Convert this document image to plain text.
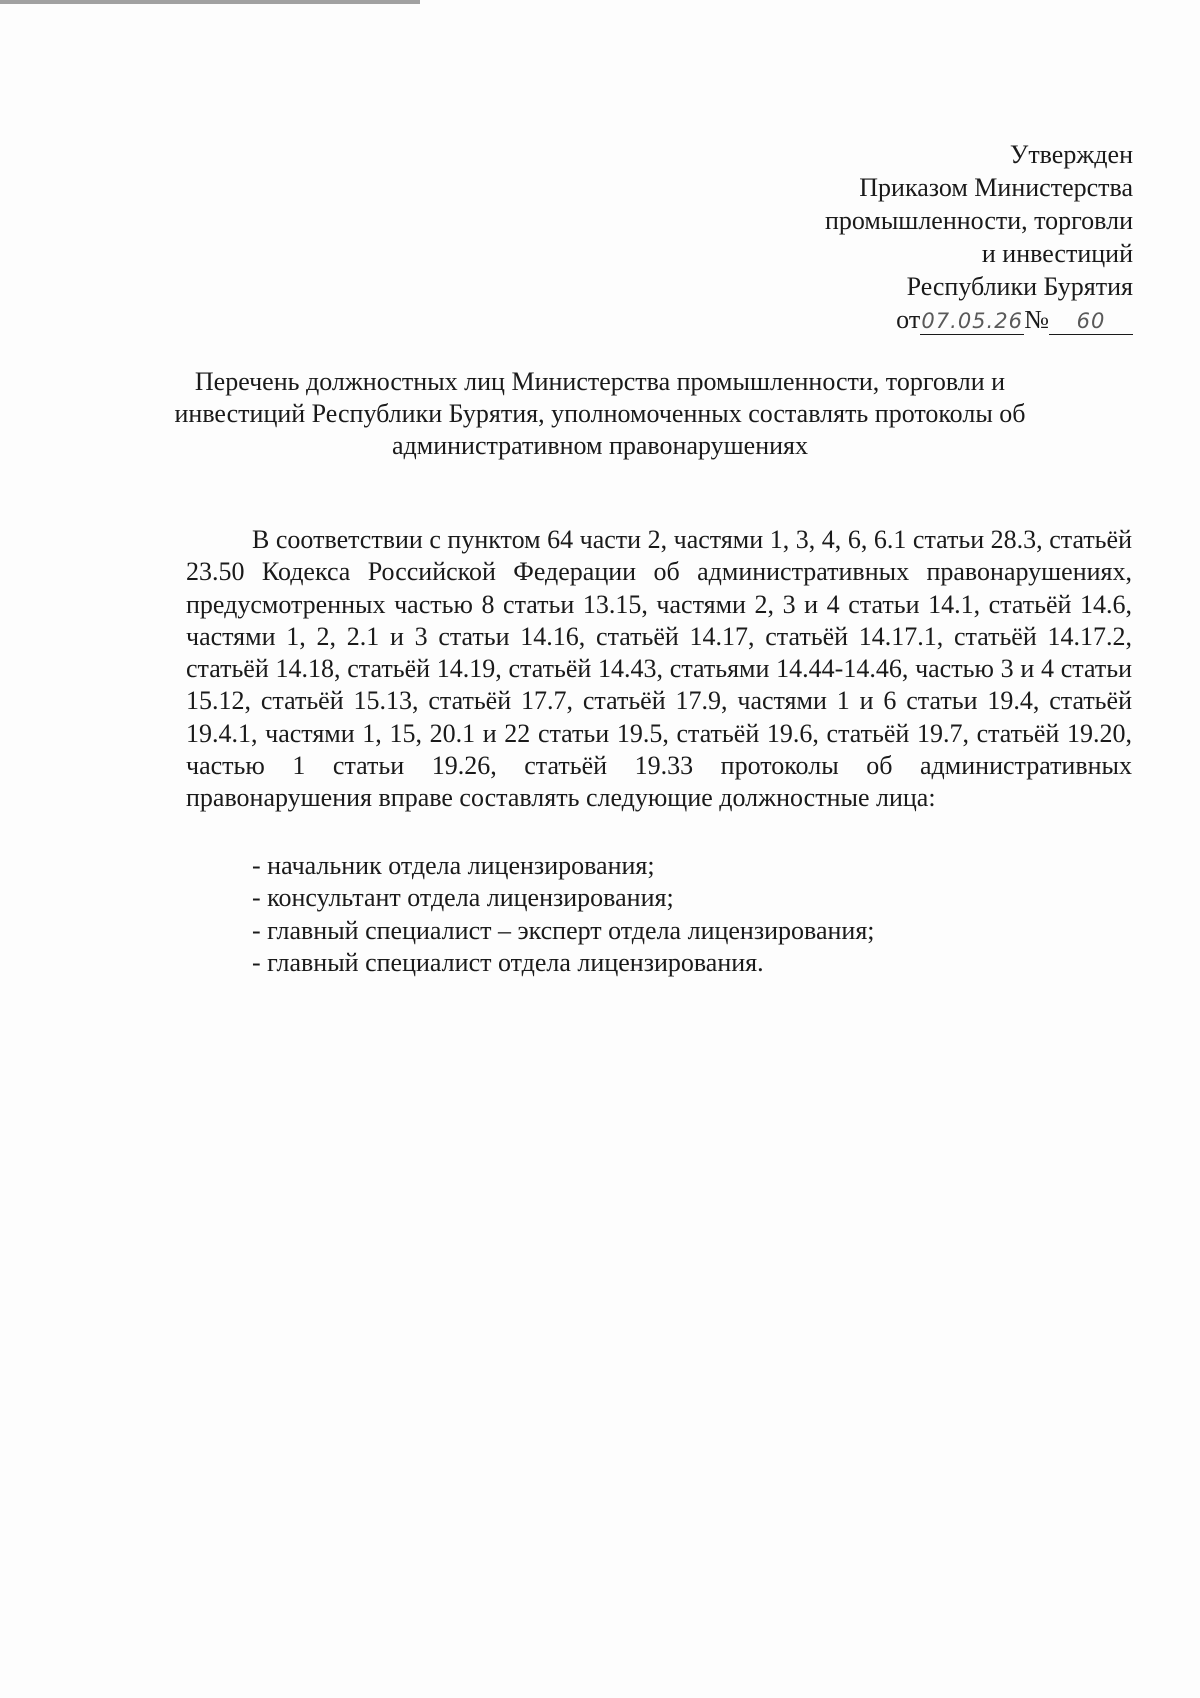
Утвержден
Приказом Министерства
промышленности, торговли
и инвестиций
Республики Бурятия
от07.05.26№ 60
Перечень должностных лиц Министерства промышленности, торговли и инвестиций Республики Бурятия, уполномоченных составлять протоколы об административном правонарушениях

В соответствии с пунктом 64 части 2, частями 1, 3, 4, 6, 6.1 статьи 28.3, статьёй 23.50 Кодекса Российской Федерации об административных правонарушениях, предусмотренных частью 8 статьи 13.15, частями 2, 3 и 4 статьи 14.1, статьёй 14.6, частями 1, 2, 2.1 и 3 статьи 14.16, статьёй 14.17, статьёй 14.17.1, статьёй 14.17.2, статьёй 14.18, статьёй 14.19, статьёй 14.43, статьями 14.44-14.46, частью 3 и 4 статьи 15.12, статьёй 15.13, статьёй 17.7, статьёй 17.9, частями 1 и 6 статьи 19.4, статьёй 19.4.1, частями 1, 15, 20.1 и 22 статьи 19.5, статьёй 19.6, статьёй 19.7, статьёй 19.20, частью 1 статьи 19.26, статьёй 19.33 протоколы об административных правонарушения вправе составлять следующие должностные лица:

- начальник отдела лицензирования;
- консультант отдела лицензирования;
- главный специалист – эксперт отдела лицензирования;
- главный специалист отдела лицензирования.
